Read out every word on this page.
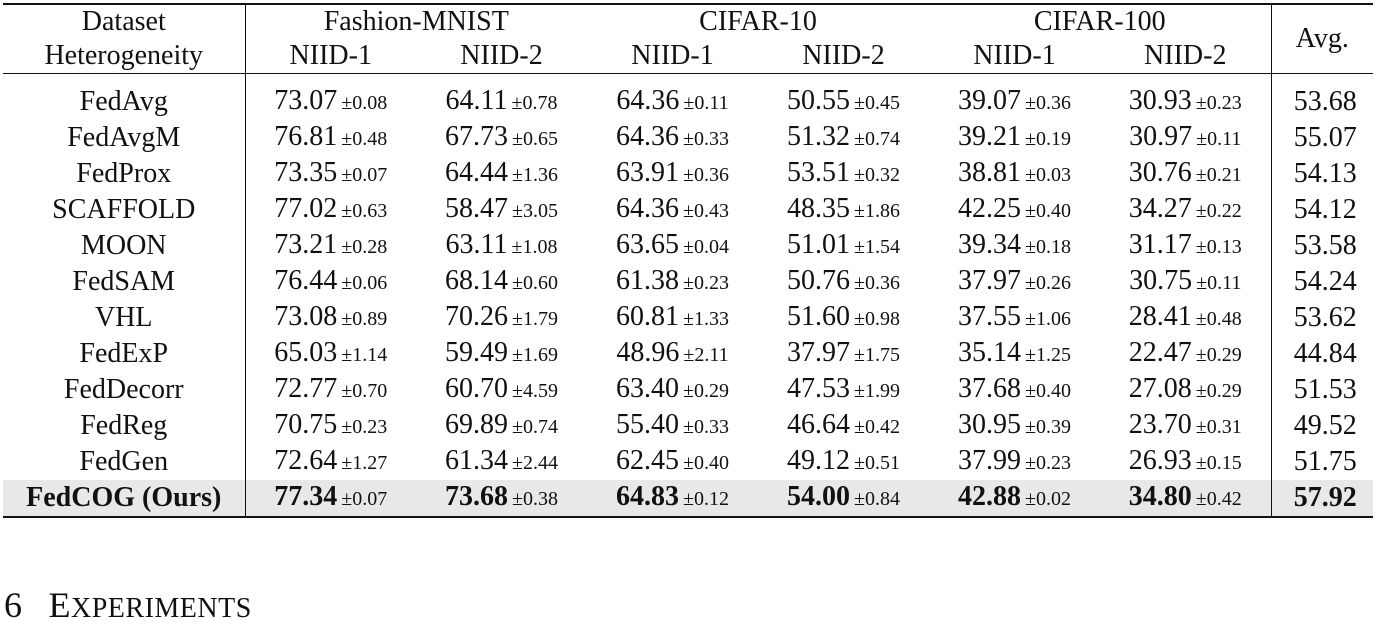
Dataset	Fashion-MNIST		CIFAR-10		CIFAR-100		Avg.
Heterogeneity	NIID-1	NIID-2	NIID-1	NIID-2	NIID-1	NIID-2	

FedAvg	73.07 ±0.08	64.11 ±0.78	64.36 ±0.11	50.55 ±0.45	39.07 ±0.36	30.93 ±0.23	53.68
FedAvgM	76.81 ±0.48	67.73 ±0.65	64.36 ±0.33	51.32 ±0.74	39.21 ±0.19	30.97 ±0.11	55.07
FedProx	73.35 ±0.07	64.44 ±1.36	63.91 ±0.36	53.51 ±0.32	38.81 ±0.03	30.76 ±0.21	54.13
SCAFFOLD	77.02 ±0.63	58.47 ±3.05	64.36 ±0.43	48.35 ±1.86	42.25 ±0.40	34.27 ±0.22	54.12
MOON	73.21 ±0.28	63.11 ±1.08	63.65 ±0.04	51.01 ±1.54	39.34 ±0.18	31.17 ±0.13	53.58
FedSAM	76.44 ±0.06	68.14 ±0.60	61.38 ±0.23	50.76 ±0.36	37.97 ±0.26	30.75 ±0.11	54.24
VHL	73.08 ±0.89	70.26 ±1.79	60.81 ±1.33	51.60 ±0.98	37.55 ±1.06	28.41 ±0.48	53.62
FedExP	65.03 ±1.14	59.49 ±1.69	48.96 ±2.11	37.97 ±1.75	35.14 ±1.25	22.47 ±0.29	44.84
FedDecorr	72.77 ±0.70	60.70 ±4.59	63.40 ±0.29	47.53 ±1.99	37.68 ±0.40	27.08 ±0.29	51.53
FedReg	70.75 ±0.23	69.89 ±0.74	55.40 ±0.33	46.64 ±0.42	30.95 ±0.39	23.70 ±0.31	49.52
FedGen	72.64 ±1.27	61.34 ±2.44	62.45 ±0.40	49.12 ±0.51	37.99 ±0.23	26.93 ±0.15	51.75
FedCOG (Ours)	77.34 ±0.07	73.68 ±0.38	64.83 ±0.12	54.00 ±0.84	42.88 ±0.02	34.80 ±0.42	57.92
6 EXPERIMENTS
